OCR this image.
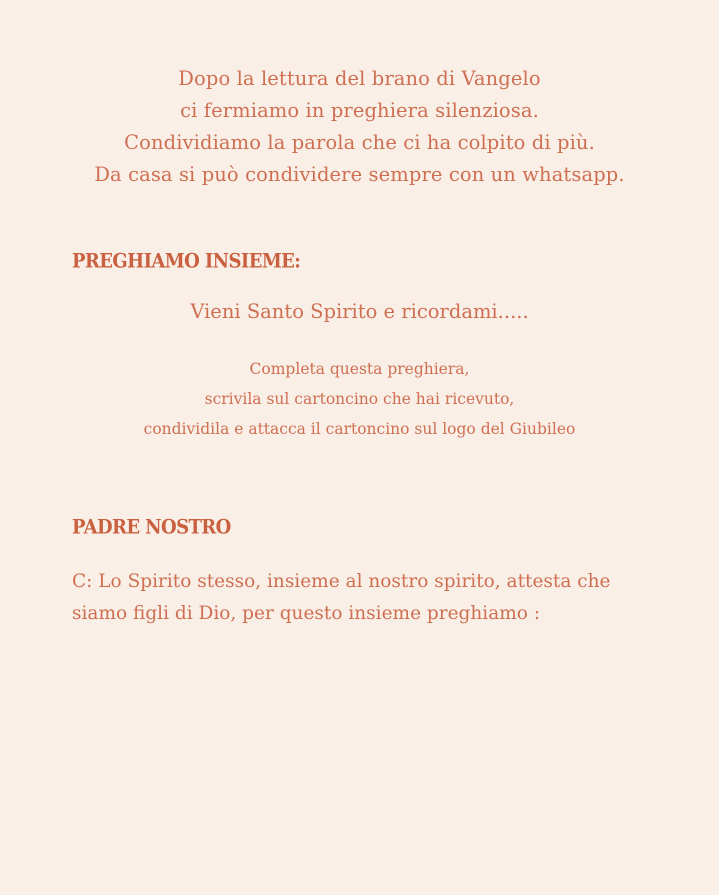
Dopo la lettura del brano di Vangelo

ci fermiamo in preghiera silenziosa.

Condividiamo la parola che ci ha colpito di più.

Da casa si può condividere sempre con un whatsapp.

PREGHIAMO INSIEME:
Vieni Santo Spirito e ricordami.....

Completa questa preghiera,

scrivila sul cartoncino che hai ricevuto,

condividila e attacca il cartoncino sul logo del Giubileo

PADRE NOSTRO

C: Lo Spirito stesso, insieme al nostro spirito, attesta che

siamo figli di Dio, per questo insieme preghiamo :
